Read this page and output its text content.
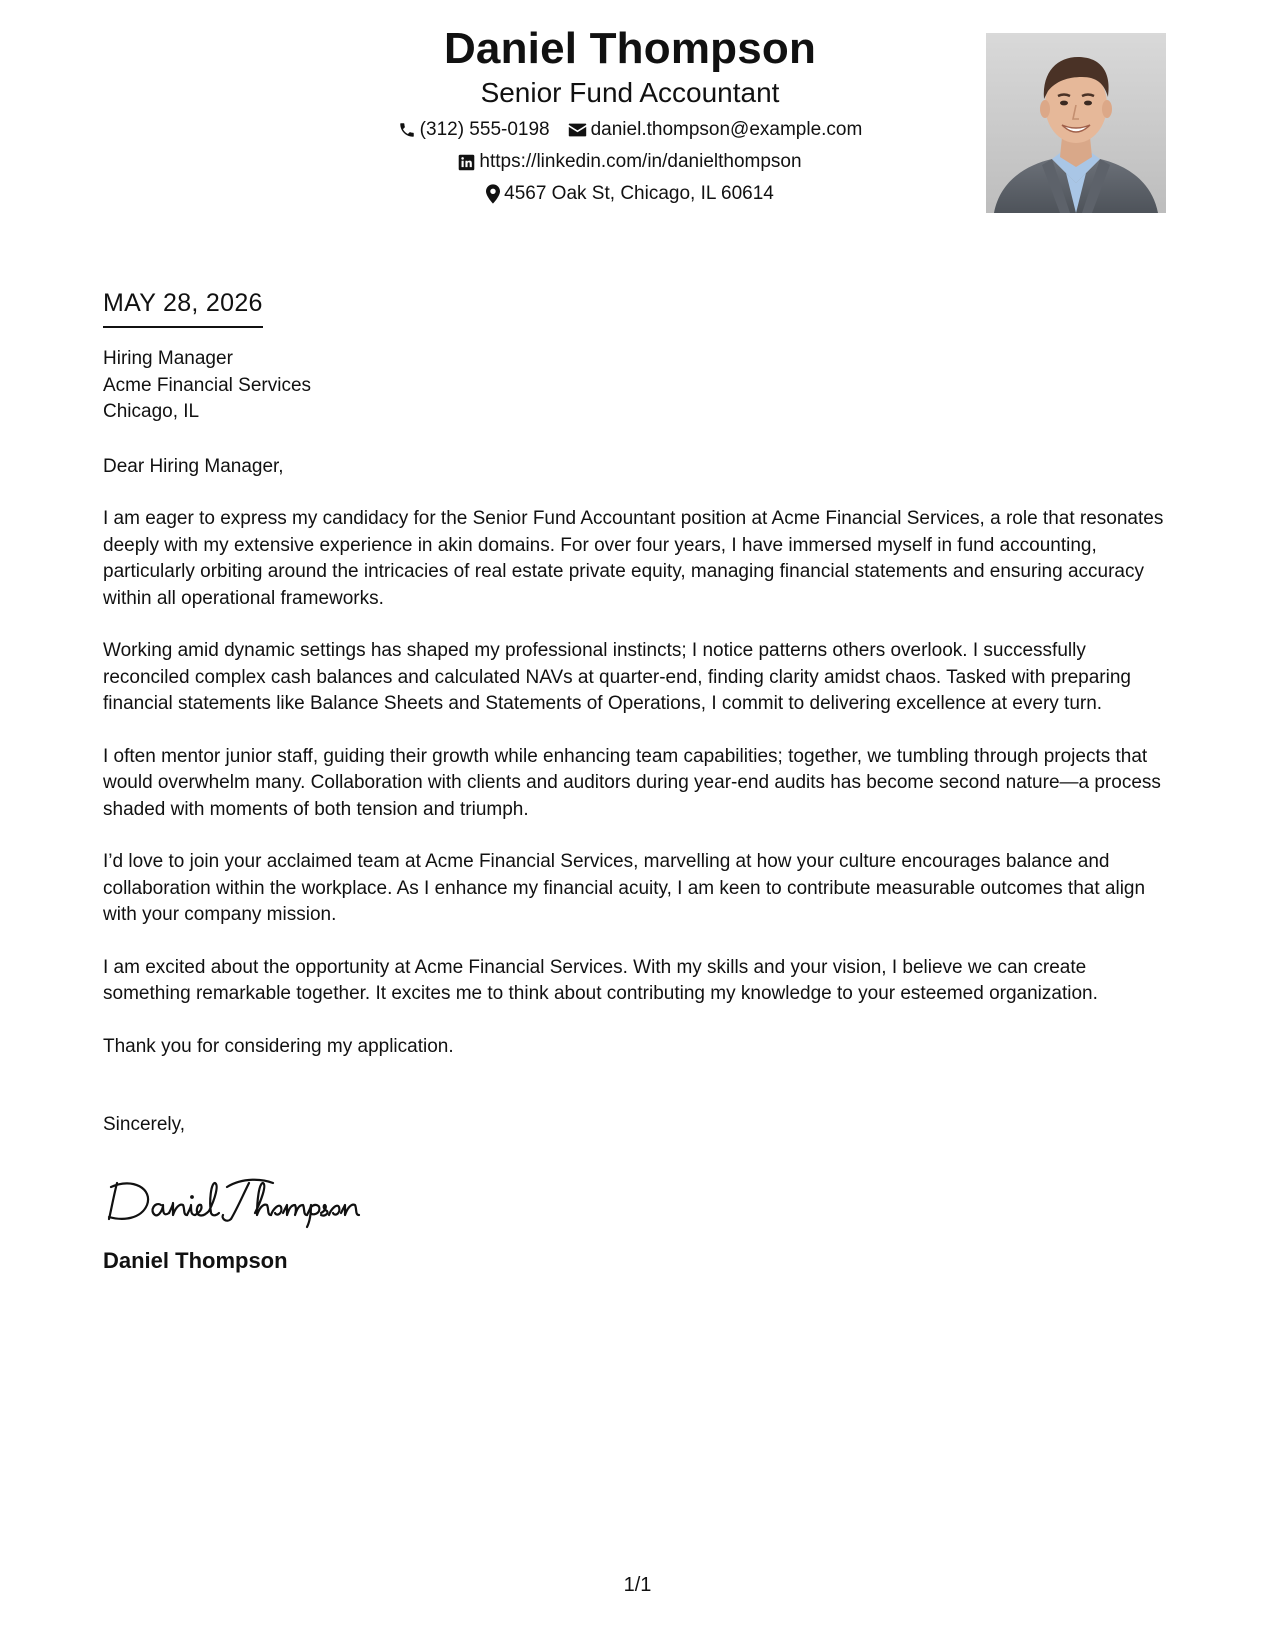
Daniel Thompson
Senior Fund Accountant
(312) 555-0198 daniel.thompson@example.com
https://linkedin.com/in/danielthompson
4567 Oak St, Chicago, IL 60614
MAY 28, 2026
Hiring Manager
Acme Financial Services
Chicago, IL
Dear Hiring Manager,
I am eager to express my candidacy for the Senior Fund Accountant position at Acme Financial Services, a role that resonates deeply with my extensive experience in akin domains. For over four years, I have immersed myself in fund accounting, particularly orbiting around the intricacies of real estate private equity, managing financial statements and ensuring accuracy within all operational frameworks.
Working amid dynamic settings has shaped my professional instincts; I notice patterns others overlook. I successfully reconciled complex cash balances and calculated NAVs at quarter-end, finding clarity amidst chaos. Tasked with preparing financial statements like Balance Sheets and Statements of Operations, I commit to delivering excellence at every turn.
I often mentor junior staff, guiding their growth while enhancing team capabilities; together, we tumbling through projects that would overwhelm many. Collaboration with clients and auditors during year-end audits has become second nature—a process shaded with moments of both tension and triumph.
I’d love to join your acclaimed team at Acme Financial Services, marvelling at how your culture encourages balance and collaboration within the workplace. As I enhance my financial acuity, I am keen to contribute measurable outcomes that align with your company mission.
I am excited about the opportunity at Acme Financial Services. With my skills and your vision, I believe we can create something remarkable together. It excites me to think about contributing my knowledge to your esteemed organization.
Thank you for considering my application.
Sincerely,
Daniel Thompson
1/1
